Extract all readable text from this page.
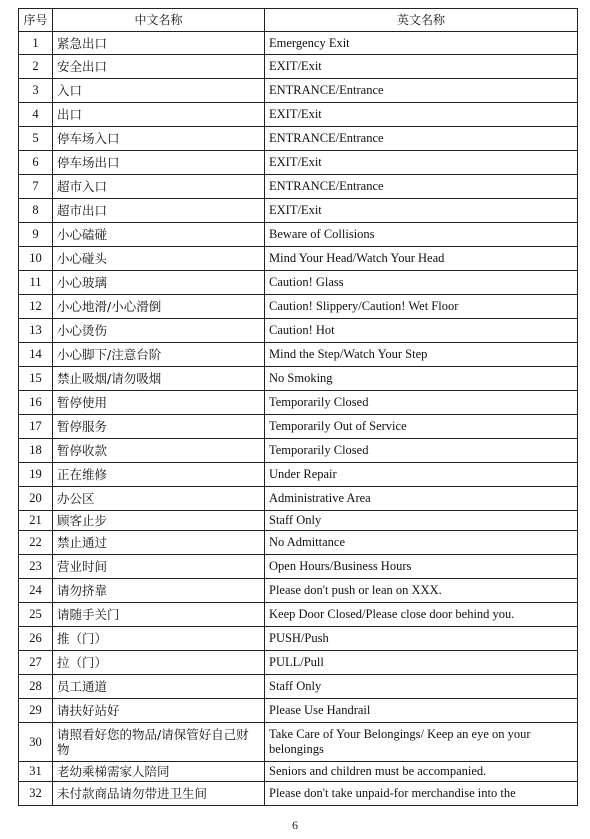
序号	中文名称	英文名称
1	紧急出口	Emergency Exit
2	安全出口	EXIT/Exit
3	入口	ENTRANCE/Entrance
4	出口	EXIT/Exit
5	停车场入口	ENTRANCE/Entrance
6	停车场出口	EXIT/Exit
7	超市入口	ENTRANCE/Entrance
8	超市出口	EXIT/Exit
9	小心磕碰	Beware of Collisions
10	小心碰头	Mind Your Head/Watch Your Head
11	小心玻璃	Caution! Glass
12	小心地滑/小心滑倒	Caution! Slippery/Caution! Wet Floor
13	小心烫伤	Caution! Hot
14	小心脚下/注意台阶	Mind the Step/Watch Your Step
15	禁止吸烟/请勿吸烟	No Smoking
16	暂停使用	Temporarily Closed
17	暂停服务	Temporarily Out of Service
18	暂停收款	Temporarily Closed
19	正在维修	Under Repair
20	办公区	Administrative Area
21	顾客止步	Staff Only
22	禁止通过	No Admittance
23	营业时间	Open Hours/Business Hours
24	请勿挤靠	Please don't push or lean on XXX.
25	请随手关门	Keep Door Closed/Please close door behind you.
26	推（门）	PUSH/Push
27	拉（门）	PULL/Pull
28	员工通道	Staff Only
29	请扶好站好	Please Use Handrail
30	请照看好您的物品/请保管好自己财物	Take Care of Your Belongings/ Keep an eye on your belongings
31	老幼乘梯需家人陪同	Seniors and children must be accompanied.
32	未付款商品请勿带进卫生间	Please don't take unpaid-for merchandise into the
6
